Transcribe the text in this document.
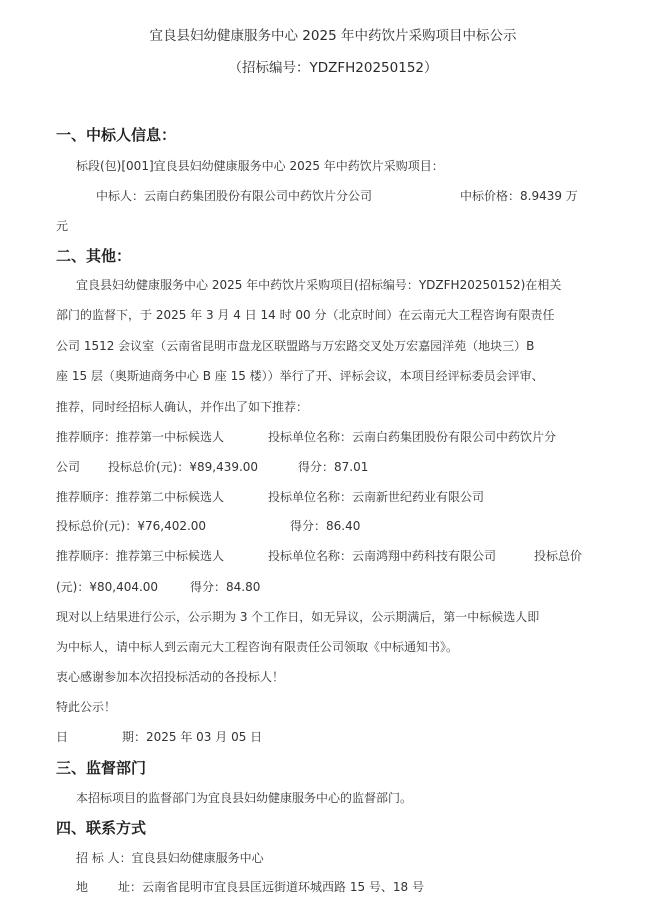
宜良县妇幼健康服务中心 2025 年中药饮片采购项目中标公示
（招标编号：YDZFH20250152）
一、中标人信息：
标段(包)[001]宜良县妇幼健康服务中心 2025 年中药饮片采购项目：
中标人：云南白药集团股份有限公司中药饮片分公司	中标价格：8.9439 万
元
二、其他：
宜良县妇幼健康服务中心 2025 年中药饮片采购项目(招标编号：YDZFH20250152)在相关
部门的监督下，于 2025 年 3 月 4 日 14 时 00 分（北京时间）在云南元大工程咨询有限责任
公司 1512 会议室（云南省昆明市盘龙区联盟路与万宏路交叉处万宏嘉园洋苑（地块三）B
座 15 层（奥斯迪商务中心 B 座 15 楼））举行了开、评标会议，本项目经评标委员会评审、
推荐，同时经招标人确认，并作出了如下推荐：
推荐顺序：推荐第一中标候选人	投标单位名称：云南白药集团股份有限公司中药饮片分
公司 投标总价(元)：¥89,439.00	得分：87.01
推荐顺序：推荐第二中标候选人	投标单位名称：云南新世纪药业有限公司
投标总价(元)：¥76,402.00	得分：86.40
推荐顺序：推荐第三中标候选人	投标单位名称：云南鸿翔中药科技有限公司	投标总价
(元)：¥80,404.00	得分：84.80
现对以上结果进行公示，公示期为 3 个工作日，如无异议，公示期满后，第一中标候选人即
为中标人，请中标人到云南元大工程咨询有限责任公司领取《中标通知书》。
衷心感谢参加本次招投标活动的各投标人！
特此公示！
日	期：2025 年 03 月 05 日
三、监督部门
本招标项目的监督部门为宜良县妇幼健康服务中心的监督部门。
四、联系方式
招 标 人：宜良县妇幼健康服务中心
地 址：云南省昆明市宜良县匡远街道环城西路 15 号、18 号
